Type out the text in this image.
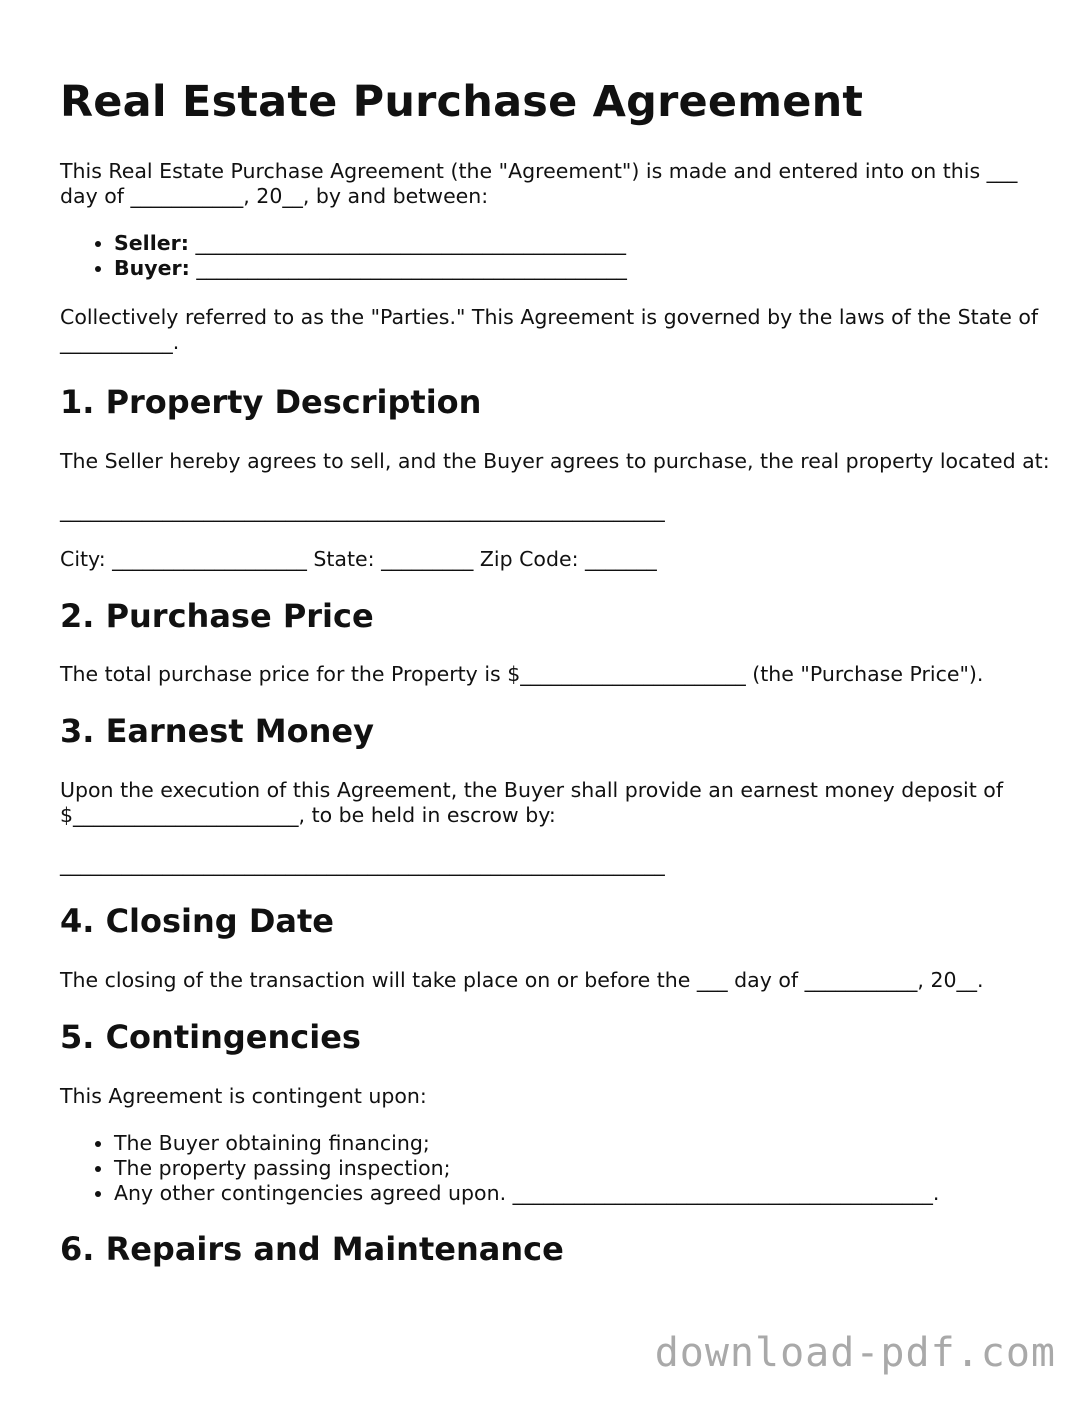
Real Estate Purchase Agreement

This Real Estate Purchase Agreement (the "Agreement") is made and entered into on this ___ day of ___________, 20__, by and between:

• Seller: __________________________________________
• Buyer: __________________________________________

Collectively referred to as the "Parties." This Agreement is governed by the laws of the State of ___________.

1. Property Description

The Seller hereby agrees to sell, and the Buyer agrees to purchase, the real property located at:

___________________________________________________________

City: ___________________ State: _________ Zip Code: _______

2. Purchase Price

The total purchase price for the Property is $______________________ (the "Purchase Price").

3. Earnest Money

Upon the execution of this Agreement, the Buyer shall provide an earnest money deposit of $______________________, to be held in escrow by:

___________________________________________________________

4. Closing Date

The closing of the transaction will take place on or before the ___ day of ___________, 20__.

5. Contingencies

This Agreement is contingent upon:

• The Buyer obtaining financing;
• The property passing inspection;
• Any other contingencies agreed upon. _________________________________________.
6. Repairs and Maintenance
download-pdf.com
